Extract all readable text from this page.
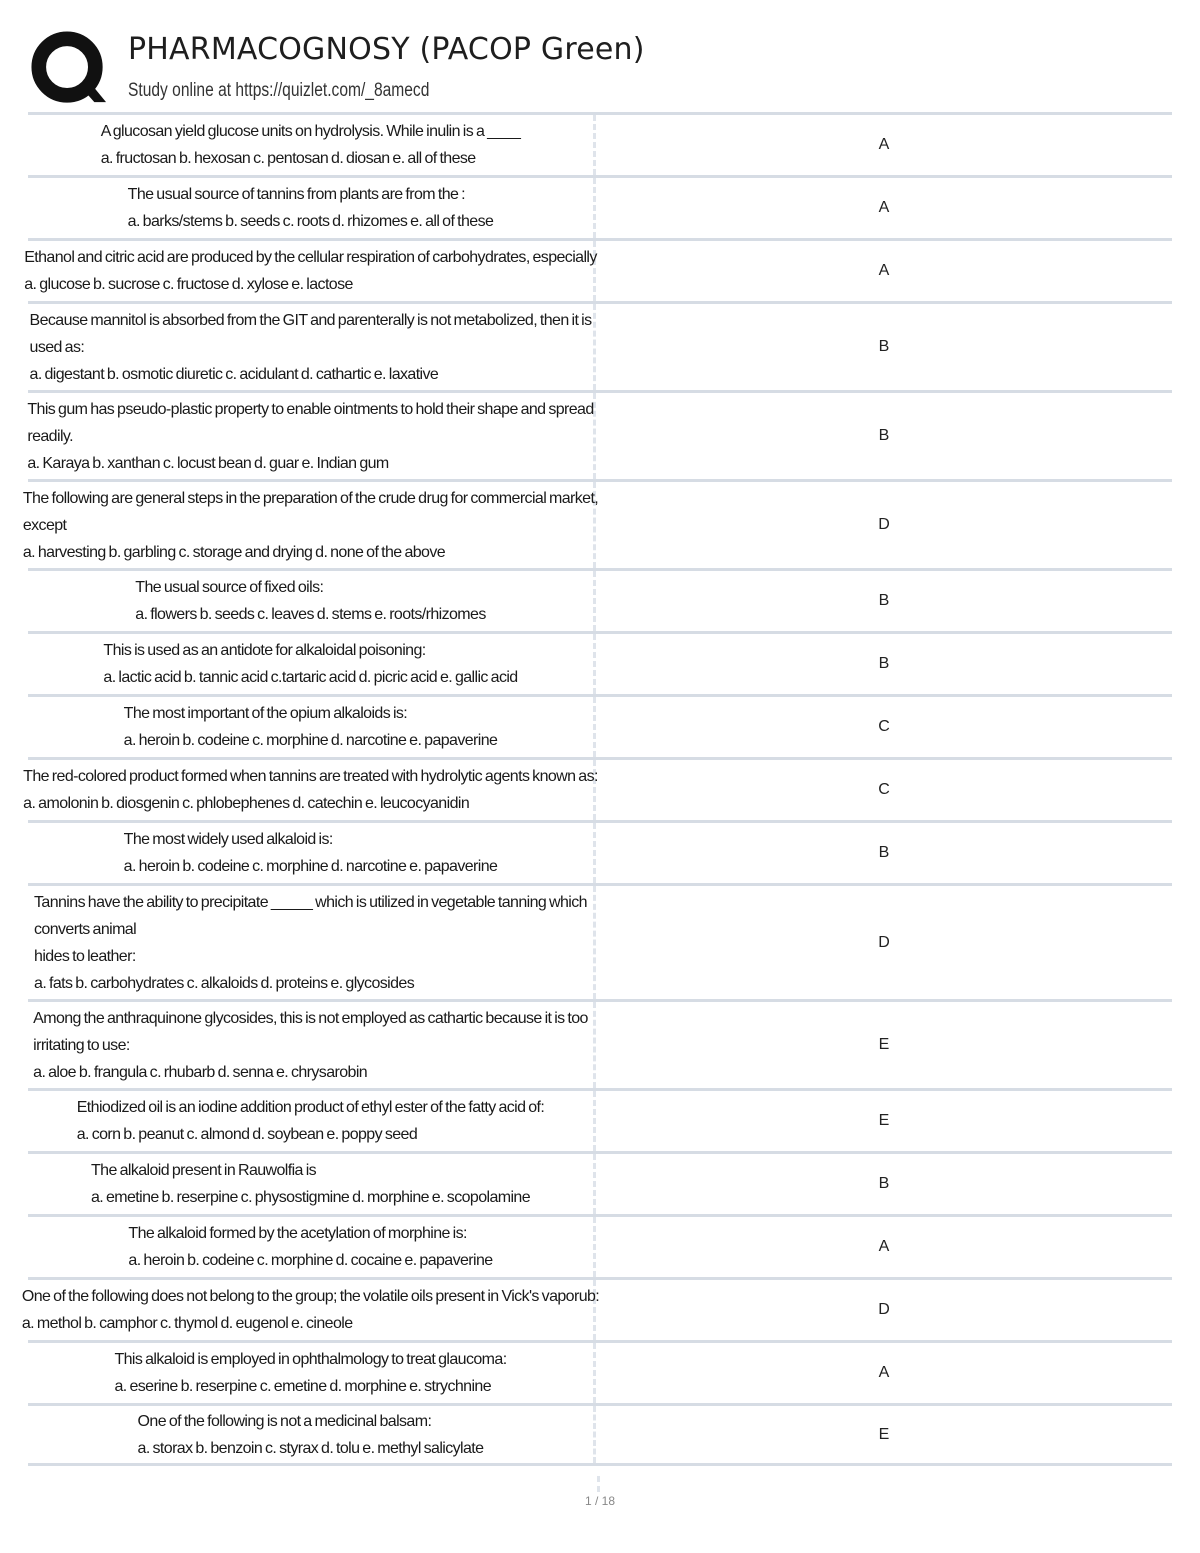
PHARMACOGNOSY (PACOP Green)
Study online at https://quizlet.com/_8amecd
A glucosan yield glucose units on hydrolysis. While inulin is a ____
a. fructosan b. hexosan c. pentosan d. diosan e. all of these
A
The usual source of tannins from plants are from the :
a. barks/stems b. seeds c. roots d. rhizomes e. all of these
A
Ethanol and citric acid are produced by the cellular respiration of carbohydrates, especially
a. glucose b. sucrose c. fructose d. xylose e. lactose
A
Because mannitol is absorbed from the GIT and parenterally is not metabolized, then it is
used as:
a. digestant b. osmotic diuretic c. acidulant d. cathartic e. laxative
B
This gum has pseudo-plastic property to enable ointments to hold their shape and spread
readily.
a. Karaya b. xanthan c. locust bean d. guar e. Indian gum
B
The following are general steps in the preparation of the crude drug for commercial market,
except
a. harvesting b. garbling c. storage and drying d. none of the above
D
The usual source of fixed oils:
a. flowers b. seeds c. leaves d. stems e. roots/rhizomes
B
This is used as an antidote for alkaloidal poisoning:
a. lactic acid b. tannic acid c.tartaric acid d. picric acid e. gallic acid
B
The most important of the opium alkaloids is:
a. heroin b. codeine c. morphine d. narcotine e. papaverine
C
The red-colored product formed when tannins are treated with hydrolytic agents known as:
a. amolonin b. diosgenin c. phlobephenes d. catechin e. leucocyanidin
C
The most widely used alkaloid is:
a. heroin b. codeine c. morphine d. narcotine e. papaverine
B
Tannins have the ability to precipitate _____ which is utilized in vegetable tanning which
converts animal
hides to leather:
a. fats b. carbohydrates c. alkaloids d. proteins e. glycosides
D
Among the anthraquinone glycosides, this is not employed as cathartic because it is too
irritating to use:
a. aloe b. frangula c. rhubarb d. senna e. chrysarobin
E
Ethiodized oil is an iodine addition product of ethyl ester of the fatty acid of:
a. corn b. peanut c. almond d. soybean e. poppy seed
E
The alkaloid present in Rauwolfia is
a. emetine b. reserpine c. physostigmine d. morphine e. scopolamine
B
The alkaloid formed by the acetylation of morphine is:
a. heroin b. codeine c. morphine d. cocaine e. papaverine
A
One of the following does not belong to the group; the volatile oils present in Vick's vaporub:
a. methol b. camphor c. thymol d. eugenol e. cineole
D
This alkaloid is employed in ophthalmology to treat glaucoma:
a. eserine b. reserpine c. emetine d. morphine e. strychnine
A
One of the following is not a medicinal balsam:
a. storax b. benzoin c. styrax d. tolu e. methyl salicylate
E
1 / 18
